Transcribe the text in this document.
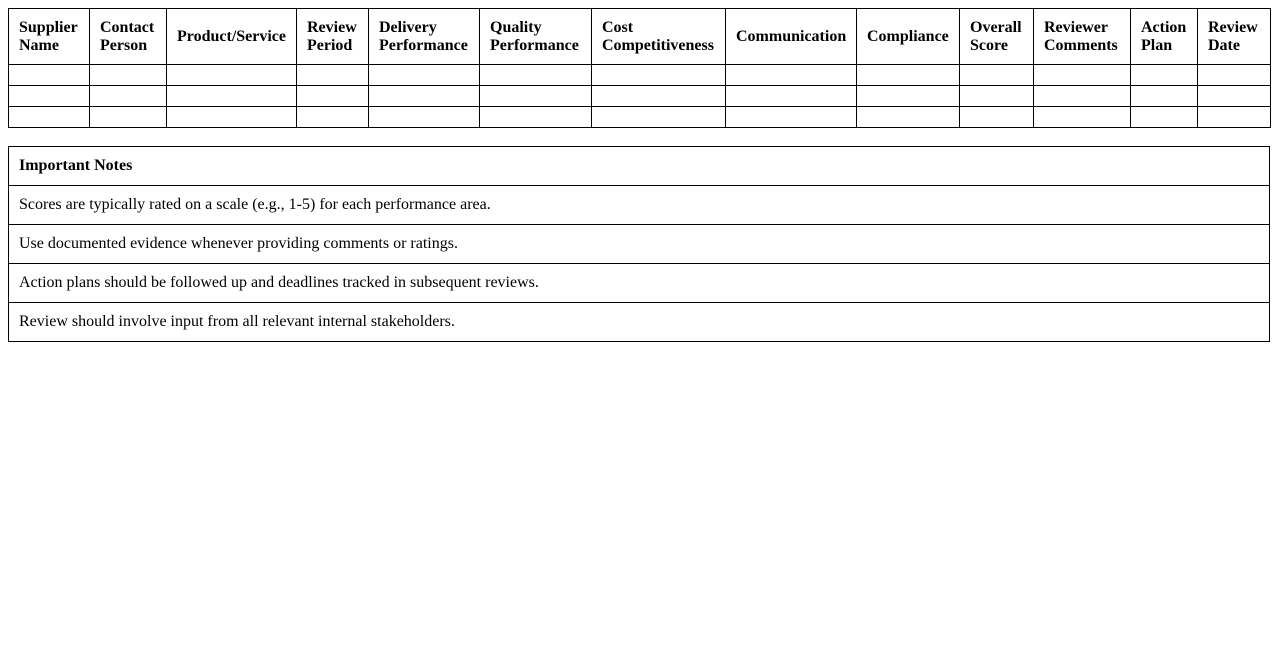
Supplier Name	Contact Person	Product/Service	Review Period	Delivery Performance	Quality Performance	Cost Competitiveness	Communication	Compliance	Overall Score	Reviewer Comments	Action Plan	Review Date

Important Notes
Scores are typically rated on a scale (e.g., 1-5) for each performance area.
Use documented evidence whenever providing comments or ratings.
Action plans should be followed up and deadlines tracked in subsequent reviews.
Review should involve input from all relevant internal stakeholders.
